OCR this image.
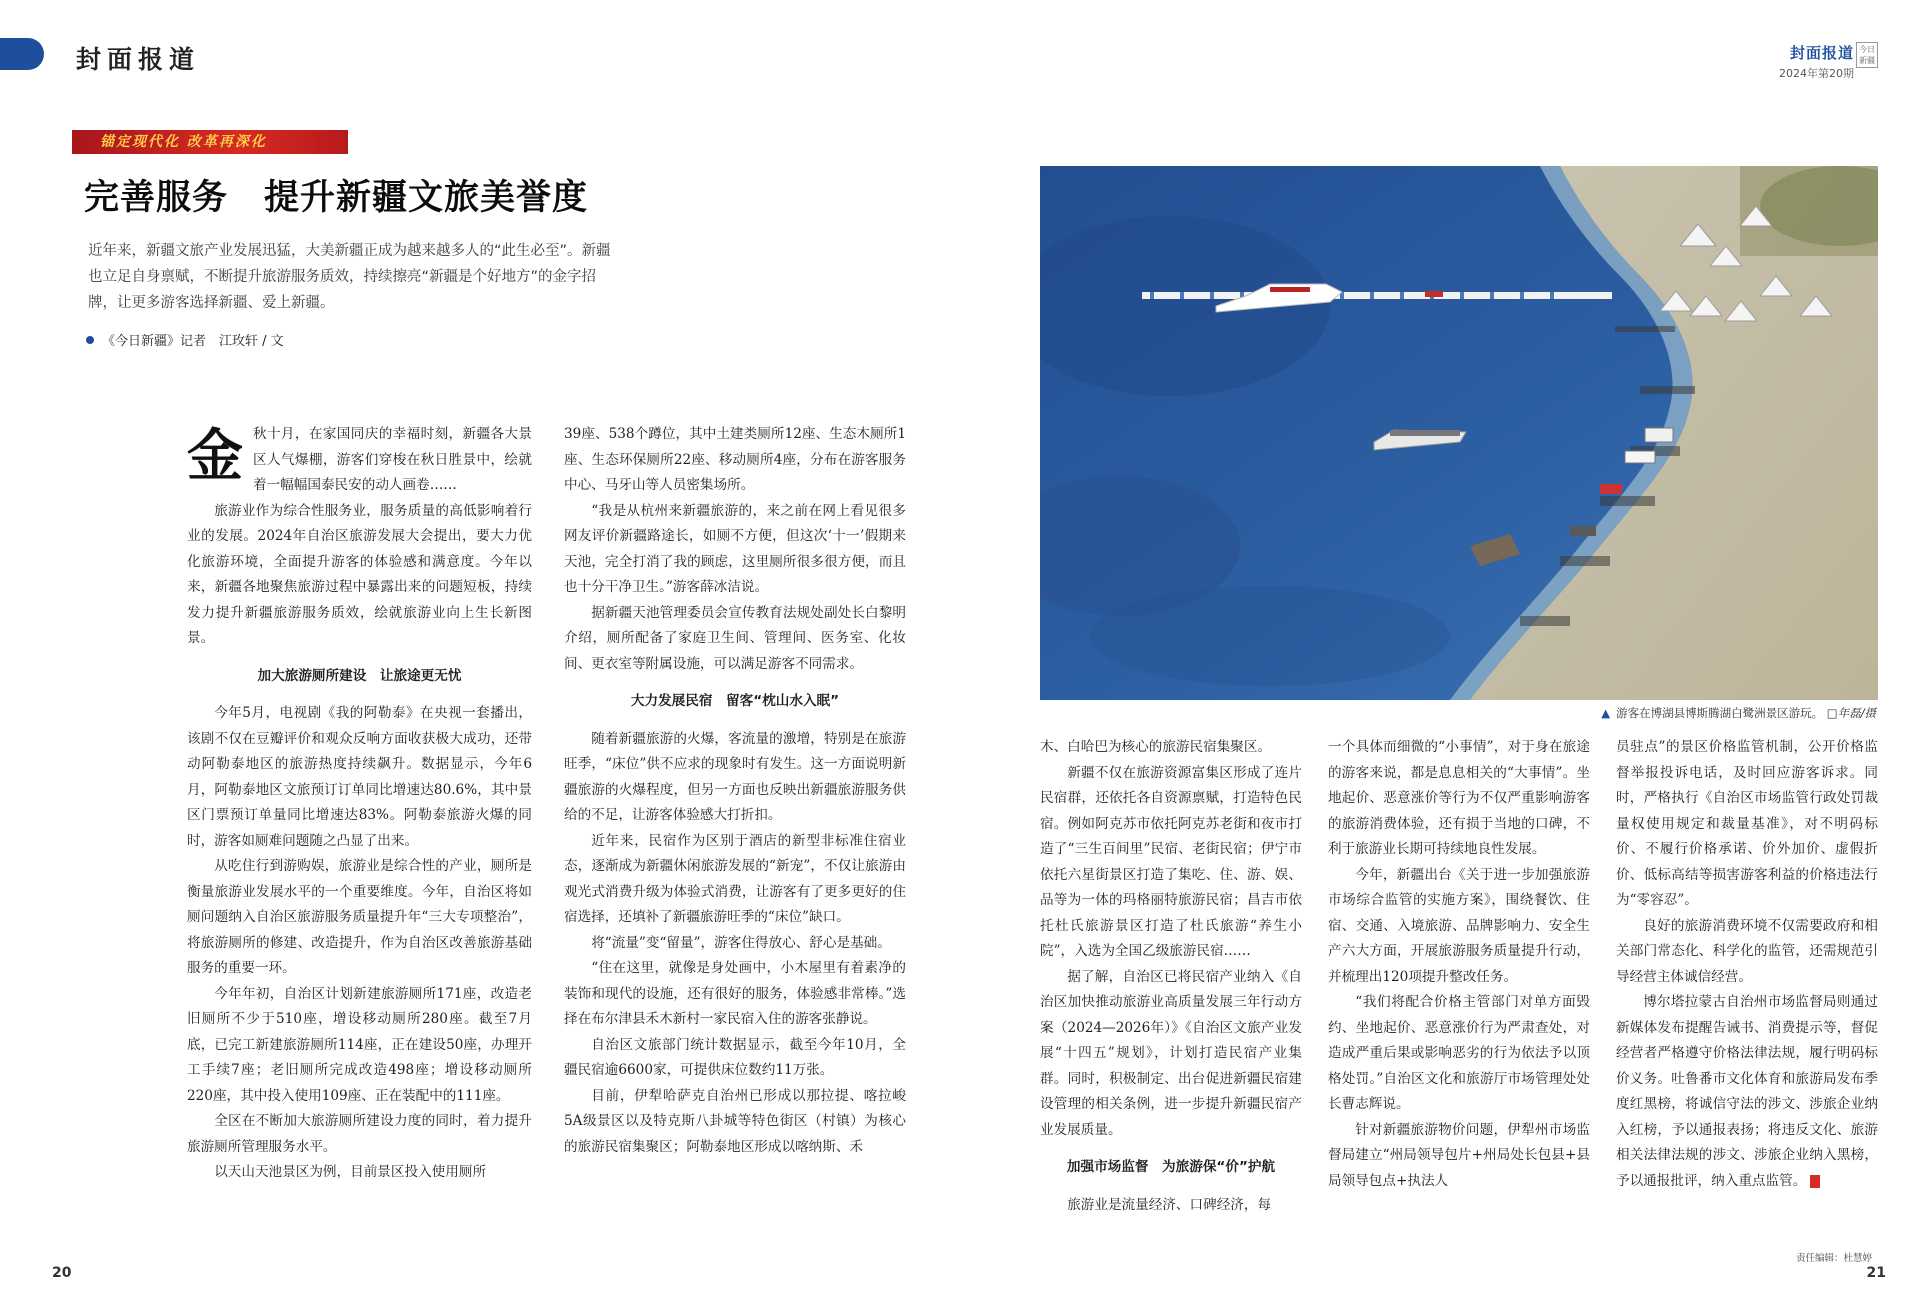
封面报道	封面报道
2024年第20期
今日新疆
锚定现代化 改革再深化
完善服务　提升新疆文旅美誉度
近年来，新疆文旅产业发展迅猛，大美新疆正成为越来越多人的“此生必至”。新疆也立足自身禀赋，不断提升旅游服务质效，持续擦亮“新疆是个好地方”的金字招牌，让更多游客选择新疆、爱上新疆。
《今日新疆》记者　江玫轩 / 文

金秋十月，在家国同庆的幸福时刻，新疆各大景区人气爆棚，游客们穿梭在秋日胜景中，绘就着一幅幅国泰民安的动人画卷……

旅游业作为综合性服务业，服务质量的高低影响着行业的发展。2024年自治区旅游发展大会提出，要大力优化旅游环境，全面提升游客的体验感和满意度。今年以来，新疆各地聚焦旅游过程中暴露出来的问题短板，持续发力提升新疆旅游服务质效，绘就旅游业向上生长新图景。

加大旅游厕所建设　让旅途更无忧

今年5月，电视剧《我的阿勒泰》在央视一套播出，该剧不仅在豆瓣评价和观众反响方面收获极大成功，还带动阿勒泰地区的旅游热度持续飙升。数据显示，今年6月，阿勒泰地区文旅预订订单同比增速达80.6%，其中景区门票预订单量同比增速达83%。阿勒泰旅游火爆的同时，游客如厕难问题随之凸显了出来。

从吃住行到游购娱，旅游业是综合性的产业，厕所是衡量旅游业发展水平的一个重要维度。今年，自治区将如厕问题纳入自治区旅游服务质量提升年“三大专项整治”，将旅游厕所的修建、改造提升，作为自治区改善旅游基础服务的重要一环。

今年年初，自治区计划新建旅游厕所171座，改造老旧厕所不少于510座，增设移动厕所280座。截至7月底，已完工新建旅游厕所114座，正在建设50座，办理开工手续7座；老旧厕所完成改造498座；增设移动厕所220座，其中投入使用109座、正在装配中的111座。

全区在不断加大旅游厕所建设力度的同时，着力提升旅游厕所管理服务水平。

以天山天池景区为例，目前景区投入使用厕所

39座、538个蹲位，其中土建类厕所12座、生态木厕所1座、生态环保厕所22座、移动厕所4座，分布在游客服务中心、马牙山等人员密集场所。

“我是从杭州来新疆旅游的，来之前在网上看见很多网友评价新疆路途长，如厕不方便，但这次‘十一’假期来天池，完全打消了我的顾虑，这里厕所很多很方便，而且也十分干净卫生。”游客薛冰洁说。

据新疆天池管理委员会宣传教育法规处副处长白黎明介绍，厕所配备了家庭卫生间、管理间、医务室、化妆间、更衣室等附属设施，可以满足游客不同需求。

大力发展民宿　留客“枕山水入眠”

随着新疆旅游的火爆，客流量的激增，特别是在旅游旺季，“床位”供不应求的现象时有发生。这一方面说明新疆旅游的火爆程度，但另一方面也反映出新疆旅游服务供给的不足，让游客体验感大打折扣。

近年来，民宿作为区别于酒店的新型非标准住宿业态，逐渐成为新疆休闲旅游发展的“新宠”，不仅让旅游由观光式消费升级为体验式消费，让游客有了更多更好的住宿选择，还填补了新疆旅游旺季的“床位”缺口。

将“流量”变“留量”，游客住得放心、舒心是基础。

“住在这里，就像是身处画中，小木屋里有着素净的装饰和现代的设施，还有很好的服务，体验感非常棒。”选择在布尔津县禾木新村一家民宿入住的游客张静说。

自治区文旅部门统计数据显示，截至今年10月，全疆民宿逾6600家，可提供床位数约11万张。

目前，伊犁哈萨克自治州已形成以那拉提、喀拉峻5A级景区以及特克斯八卦城等特色街区（村镇）为核心的旅游民宿集聚区；阿勒泰地区形成以喀纳斯、禾

▲ 游客在博湖县博斯腾湖白鹭洲景区游玩。 □年磊/摄

木、白哈巴为核心的旅游民宿集聚区。

新疆不仅在旅游资源富集区形成了连片民宿群，还依托各自资源禀赋，打造特色民宿。例如阿克苏市依托阿克苏老街和夜市打造了“三生百间里”民宿、老街民宿；伊宁市依托六星街景区打造了集吃、住、游、娱、品等为一体的玛格丽特旅游民宿；昌吉市依托杜氏旅游景区打造了杜氏旅游“养生小院”，入选为全国乙级旅游民宿……

据了解，自治区已将民宿产业纳入《自治区加快推动旅游业高质量发展三年行动方案（2024—2026年）》《自治区文旅产业发展“十四五”规划》，计划打造民宿产业集群。同时，积极制定、出台促进新疆民宿建设管理的相关条例，进一步提升新疆民宿产业发展质量。

加强市场监督　为旅游保“价”护航

旅游业是流量经济、口碑经济，每

一个具体而细微的“小事情”，对于身在旅途的游客来说，都是息息相关的“大事情”。坐地起价、恶意涨价等行为不仅严重影响游客的旅游消费体验，还有损于当地的口碑，不利于旅游业长期可持续地良性发展。

今年，新疆出台《关于进一步加强旅游市场综合监管的实施方案》，围绕餐饮、住宿、交通、入境旅游、品牌影响力、安全生产六大方面，开展旅游服务质量提升行动，并梳理出120项提升整改任务。

“我们将配合价格主管部门对单方面毁约、坐地起价、恶意涨价行为严肃查处，对造成严重后果或影响恶劣的行为依法予以顶格处罚。”自治区文化和旅游厅市场管理处处长曹志辉说。

针对新疆旅游物价问题，伊犁州市场监督局建立“州局领导包片+州局处长包县+县局领导包点+执法人

员驻点”的景区价格监管机制，公开价格监督举报投诉电话，及时回应游客诉求。同时，严格执行《自治区市场监管行政处罚裁量权使用规定和裁量基准》，对不明码标价、不履行价格承诺、价外加价、虚假折价、低标高结等损害游客利益的价格违法行为“零容忍”。

良好的旅游消费环境不仅需要政府和相关部门常态化、科学化的监管，还需规范引导经营主体诚信经营。

博尔塔拉蒙古自治州市场监督局则通过新媒体发布提醒告诫书、消费提示等，督促经营者严格遵守价格法律法规，履行明码标价义务。吐鲁番市文化体育和旅游局发布季度红黑榜，将诚信守法的涉文、涉旅企业纳入红榜，予以通报表扬；将违反文化、旅游相关法律法规的涉文、涉旅企业纳入黑榜，予以通报批评，纳入重点监管。

20
责任编辑：杜慧婷
21
